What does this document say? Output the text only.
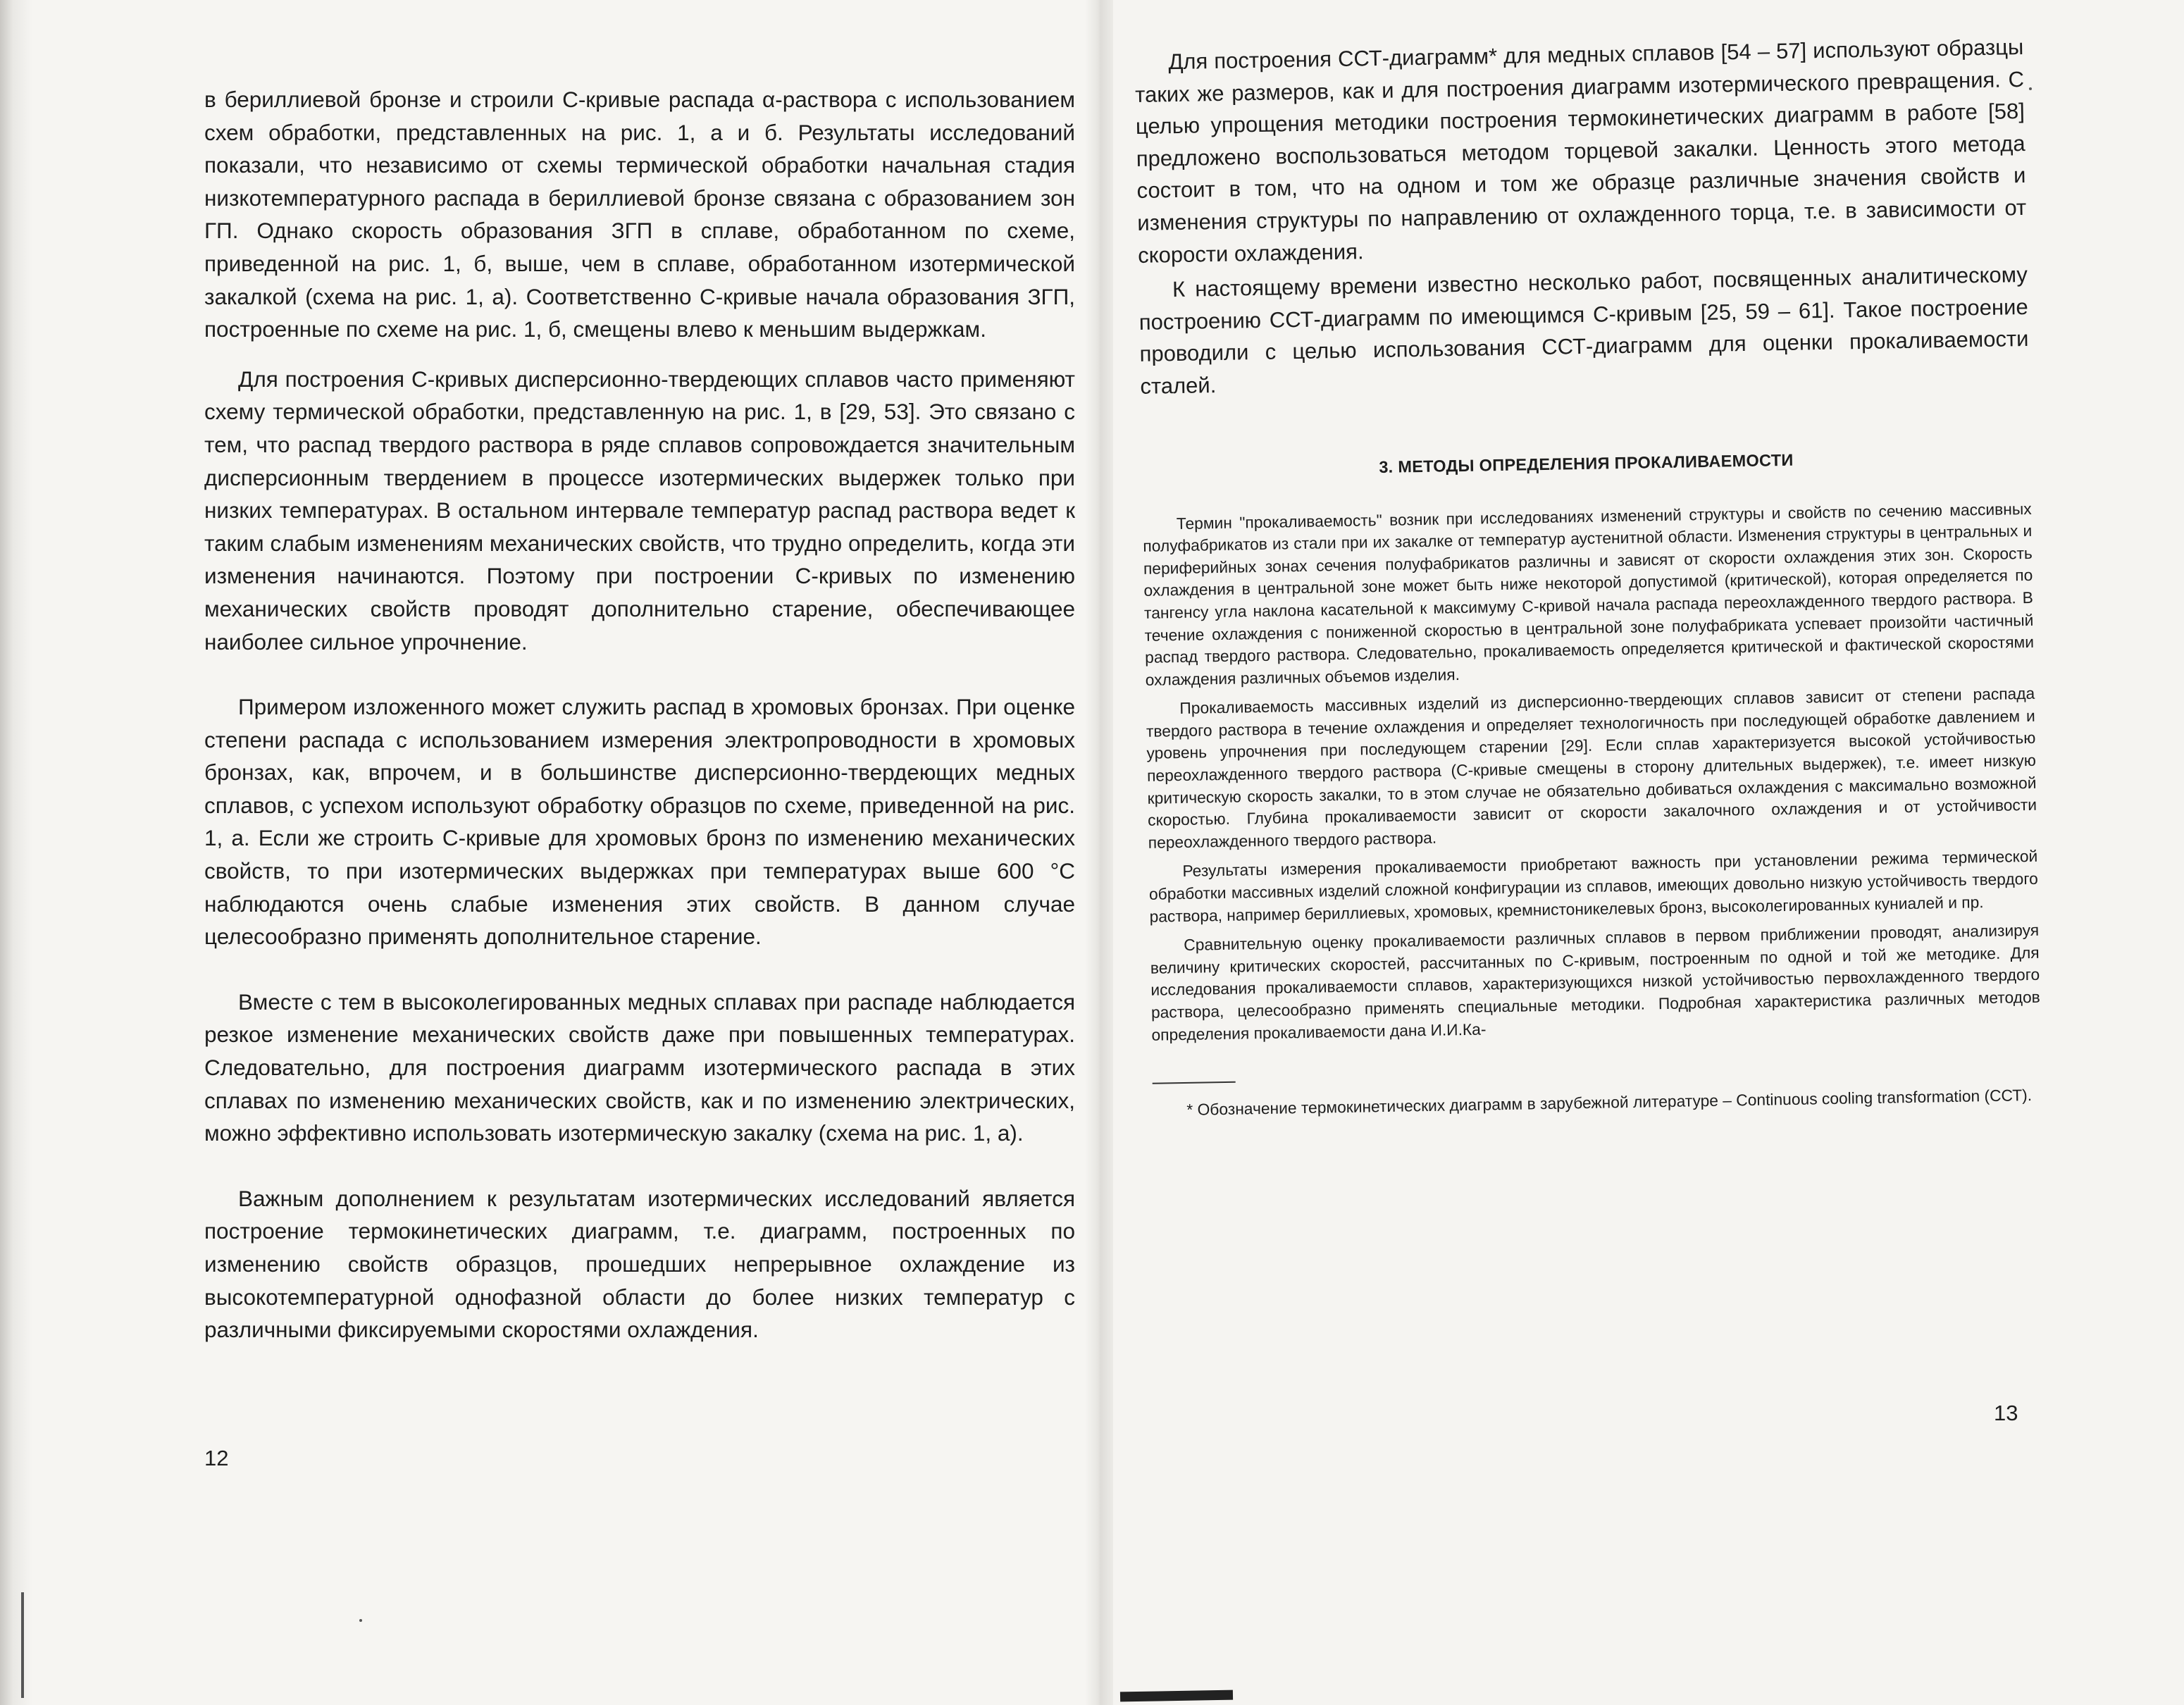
в бериллиевой бронзе и строили С-кривые распада α-раствора с использованием схем обработки, представленных на рис. 1, а и б. Результаты исследований показали, что независимо от схемы термической обработки начальная стадия низкотемпературного распада в бериллиевой бронзе связана с образованием зон ГП. Однако скорость образования ЗГП в сплаве, обработанном по схеме, приведенной на рис. 1, б, выше, чем в сплаве, обработанном изотермической закалкой (схема на рис. 1, а). Соответственно С-кривые начала образования ЗГП, построенные по схеме на рис. 1, б, смещены влево к меньшим выдержкам.

Для построения С-кривых дисперсионно-твердеющих сплавов часто применяют схему термической обработки, представленную на рис. 1, в [29, 53]. Это связано с тем, что распад твердого раствора в ряде сплавов сопровождается значительным дисперсионным твердением в процессе изотермических выдержек только при низких температурах. В остальном интервале температур распад раствора ведет к таким слабым изменениям механических свойств, что трудно определить, когда эти изменения начинаются. Поэтому при построении С-кривых по изменению механических свойств проводят дополнительно старение, обеспечивающее наиболее сильное упрочнение.

Примером изложенного может служить распад в хромовых бронзах. При оценке степени распада с использованием измерения электропроводности в хромовых бронзах, как, впрочем, и в большинстве дисперсионно-твердеющих медных сплавов, с успехом используют обработку образцов по схеме, приведенной на рис. 1, а. Если же строить С-кривые для хромовых бронз по изменению механических свойств, то при изотермических выдержках при температурах выше 600 °С наблюдаются очень слабые изменения этих свойств. В данном случае целесообразно применять дополнительное старение.

Вместе с тем в высоколегированных медных сплавах при распаде наблюдается резкое изменение механических свойств даже при повышенных температурах. Следовательно, для построения диаграмм изотермического распада в этих сплавах по изменению механических свойств, как и по изменению электрических, можно эффективно использовать изотермическую закалку (схема на рис. 1, а).

Важным дополнением к результатам изотермических исследований является построение термокинетических диаграмм, т.е. диаграмм, построенных по изменению свойств образцов, прошедших непрерывное охлаждение из высокотемпературной однофазной области до более низких температур с различными фиксируемыми скоростями охлаждения.

12

Для построения ССТ-диаграмм* для медных сплавов [54 – 57] используют образцы таких же размеров, как и для построения диаграмм изотермического превращения. С целью упрощения методики построения термокинетических диаграмм в работе [58] предложено воспользоваться методом торцевой закалки. Ценность этого метода состоит в том, что на одном и том же образце различные значения свойств и изменения структуры по направлению от охлажденного торца, т.е. в зависимости от скорости охлаждения.

К настоящему времени известно несколько работ, посвященных аналитическому построению ССТ-диаграмм по имеющимся С-кривым [25, 59 – 61]. Такое построение проводили с целью использования ССТ-диаграмм для оценки прокаливаемости сталей.

3. МЕТОДЫ ОПРЕДЕЛЕНИЯ ПРОКАЛИВАЕМОСТИ

Термин "прокаливаемость" возник при исследованиях изменений структуры и свойств по сечению массивных полуфабрикатов из стали при их закалке от температур аустенитной области. Изменения структуры в центральных и периферийных зонах сечения полуфабрикатов различны и зависят от скорости охлаждения этих зон. Скорость охлаждения в центральной зоне может быть ниже некоторой допустимой (критической), которая определяется по тангенсу угла наклона касательной к максимуму С-кривой начала распада переохлажденного твердого раствора. В течение охлаждения с пониженной скоростью в центральной зоне полуфабриката успевает произойти частичный распад твердого раствора. Следовательно, прокаливаемость определяется критической и фактической скоростями охлаждения различных объемов изделия.

Прокаливаемость массивных изделий из дисперсионно-твердеющих сплавов зависит от степени распада твердого раствора в течение охлаждения и определяет технологичность при последующей обработке давлением и уровень упрочнения при последующем старении [29]. Если сплав характеризуется высокой устойчивостью переохлажденного твердого раствора (С-кривые смещены в сторону длительных выдержек), т.е. имеет низкую критическую скорость закалки, то в этом случае не обязательно добиваться охлаждения с максимально возможной скоростью. Глубина прокаливаемости зависит от скорости закалочного охлаждения и от устойчивости переохлажденного твердого раствора.

Результаты измерения прокаливаемости приобретают важность при установлении режима термической обработки массивных изделий сложной конфигурации из сплавов, имеющих довольно низкую устойчивость твердого раствора, например бериллиевых, хромовых, кремнистоникелевых бронз, высоколегированных куниалей и пр.

Сравнительную оценку прокаливаемости различных сплавов в первом приближении проводят, анализируя величину критических скоростей, рассчитанных по С-кривым, построенным по одной и той же методике. Для исследования прокаливаемости сплавов, характеризующихся низкой устойчивостью первохлажденного твердого раствора, целесообразно применять специальные методики. Подробная характеристика различных методов определения прокаливаемости дана И.И.Ка-

* Обозначение термокинетических диаграмм в зарубежной литературе – Continuous cooling transformation (ССТ).
13
